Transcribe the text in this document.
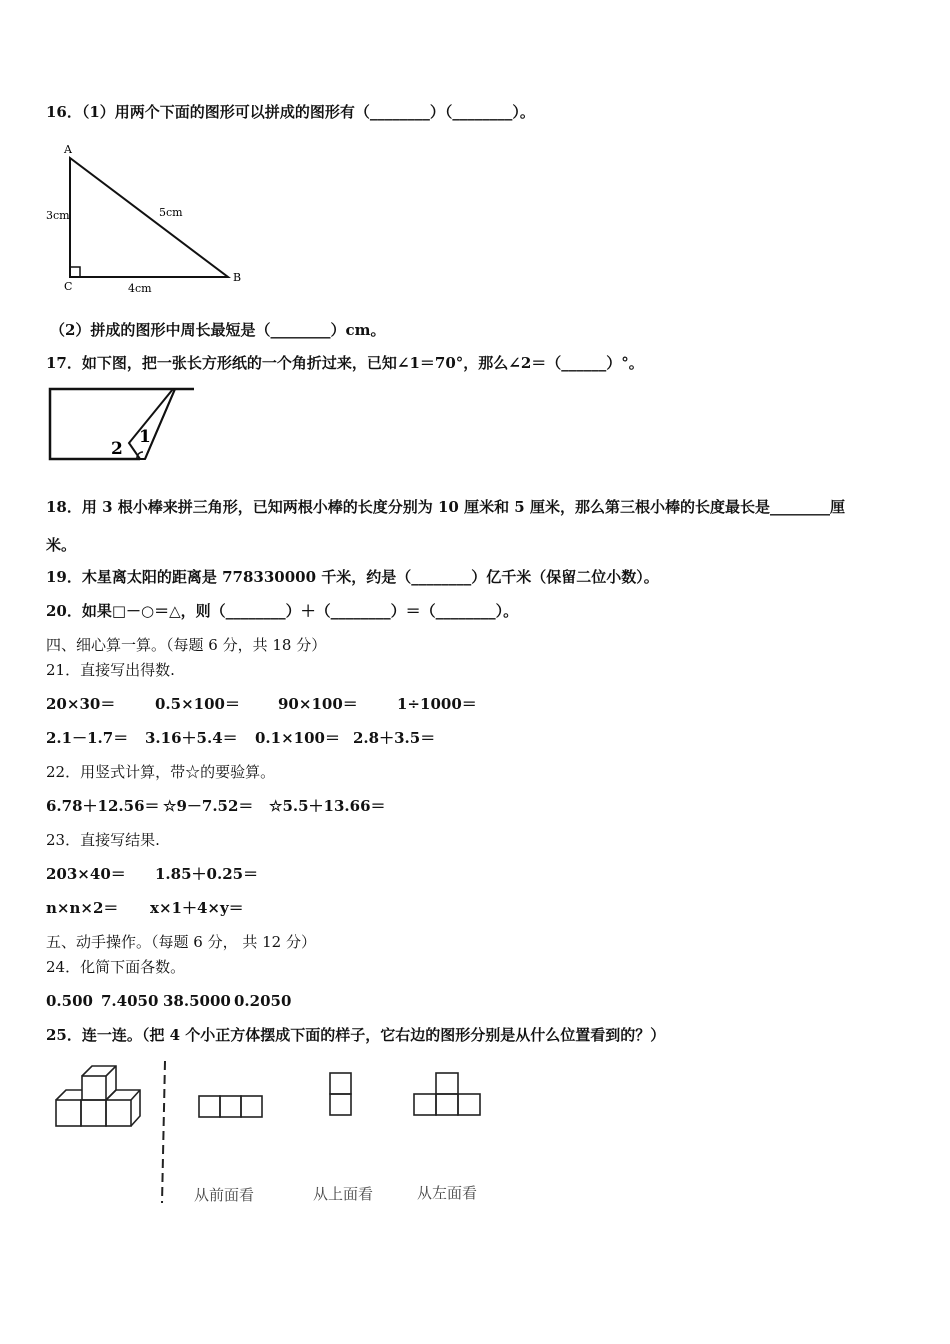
16．（1）用两个下面的图形可以拼成的图形有（________）（________）。
A
B
C
3cm	5cm
4cm
（2）拼成的图形中周长最短是（________）cm。
17．如下图，把一张长方形纸的一个角折过来，已知∠1＝70°，那么∠2＝（______）°。
1
2
18．用 3 根小棒来拼三角形，已知两根小棒的长度分别为 10 厘米和 5 厘米，那么第三根小棒的长度最长是________厘
米。
19．木星离太阳的距离是 778330000 千米，约是（________）亿千米（保留二位小数）。
20．如果□－○＝△，则（________）＋（________）＝（________）。
四、细心算一算。（每题 6 分，共 18 分）
21．直接写出得数.
20×30＝	0.5×100＝	90×100＝	1÷1000＝
2.1－1.7＝ 3.16＋5.4＝ 0.1×100＝ 2.8＋3.5＝
22．用竖式计算，带☆的要验算。
6.78＋12.56＝ ☆9－7.52＝ ☆5.5＋13.66＝
23．直接写结果.
203×40＝ 1.85＋0.25＝
n×n×2＝ x×1＋4×y＝
五、动手操作。（每题 6 分， 共 12 分）
24．化简下面各数。
0.500 7.4050 38.5000 0.2050
25．连一连。（把 4 个小正方体摆成下面的样子，它右边的图形分别是从什么位置看到的？）
从前面看	从上面看	从左面看
